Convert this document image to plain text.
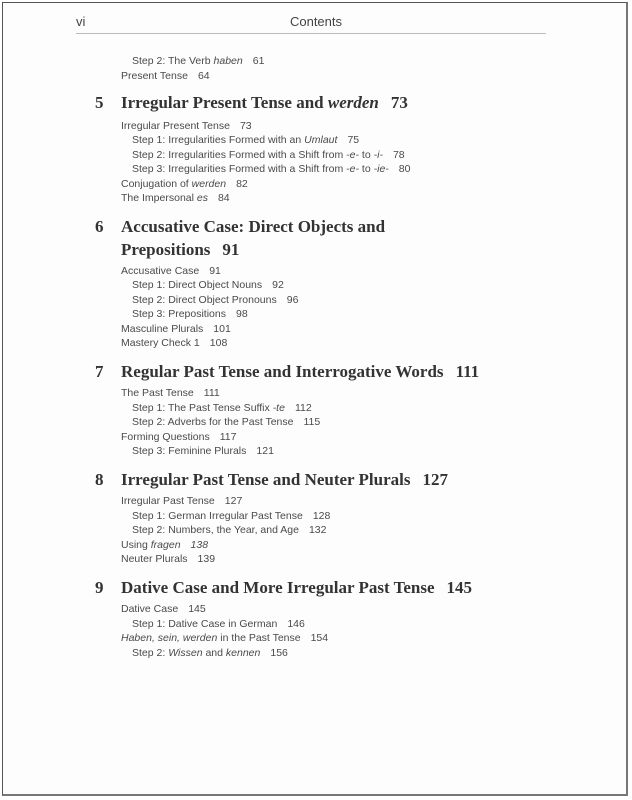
vi	Contents
Step 2: The Verb haben 61
Present Tense 64
5 Irregular Present Tense and werden 73
Irregular Present Tense 73
Step 1: Irregularities Formed with an Umlaut 75
Step 2: Irregularities Formed with a Shift from -e- to -i- 78
Step 3: Irregularities Formed with a Shift from -e- to -ie- 80
Conjugation of werden 82
The Impersonal es 84
6 Accusative Case: Direct Objects and
Prepositions 91
Accusative Case 91
Step 1: Direct Object Nouns 92
Step 2: Direct Object Pronouns 96
Step 3: Prepositions 98
Masculine Plurals 101
Mastery Check 1 108
7 Regular Past Tense and Interrogative Words 111
The Past Tense 111
Step 1: The Past Tense Suffix -te 112
Step 2: Adverbs for the Past Tense 115
Forming Questions 117
Step 3: Feminine Plurals 121
8 Irregular Past Tense and Neuter Plurals 127
Irregular Past Tense 127
Step 1: German Irregular Past Tense 128
Step 2: Numbers, the Year, and Age 132
Using fragen 138
Neuter Plurals 139
9 Dative Case and More Irregular Past Tense 145
Dative Case 145
Step 1: Dative Case in German 146
Haben, sein, werden in the Past Tense 154
Step 2: Wissen and kennen 156
